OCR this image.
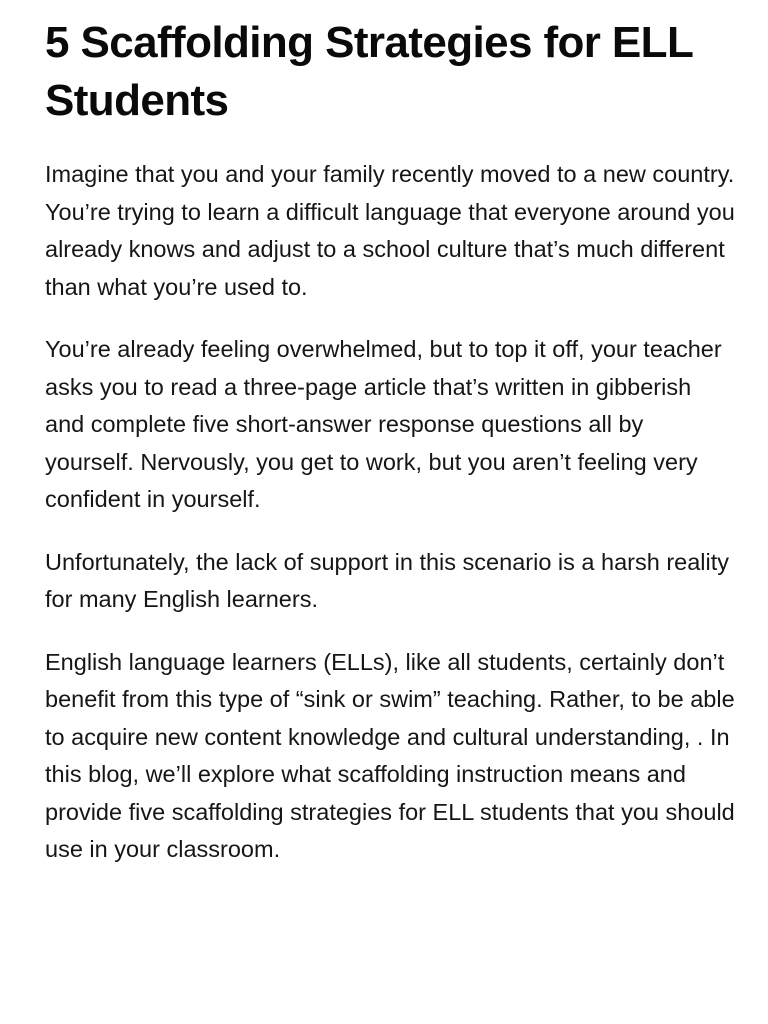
5 Scaffolding Strategies for ELL Students

Imagine that you and your family recently moved to a new country. You’re trying to learn a difficult language that everyone around you already knows and adjust to a school culture that’s much different than what you’re used to.

You’re already feeling overwhelmed, but to top it off, your teacher asks you to read a three-page article that’s written in gibberish and complete five short-answer response questions all by yourself. Nervously, you get to work, but you aren’t feeling very confident in yourself.

Unfortunately, the lack of support in this scenario is a harsh reality for many English learners.

English language learners (ELLs), like all students, certainly don’t benefit from this type of “sink or swim” teaching. Rather, to be able to acquire new content knowledge and cultural understanding, . In this blog, we’ll explore what scaffolding instruction means and provide five scaffolding strategies for ELL students that you should use in your classroom.
